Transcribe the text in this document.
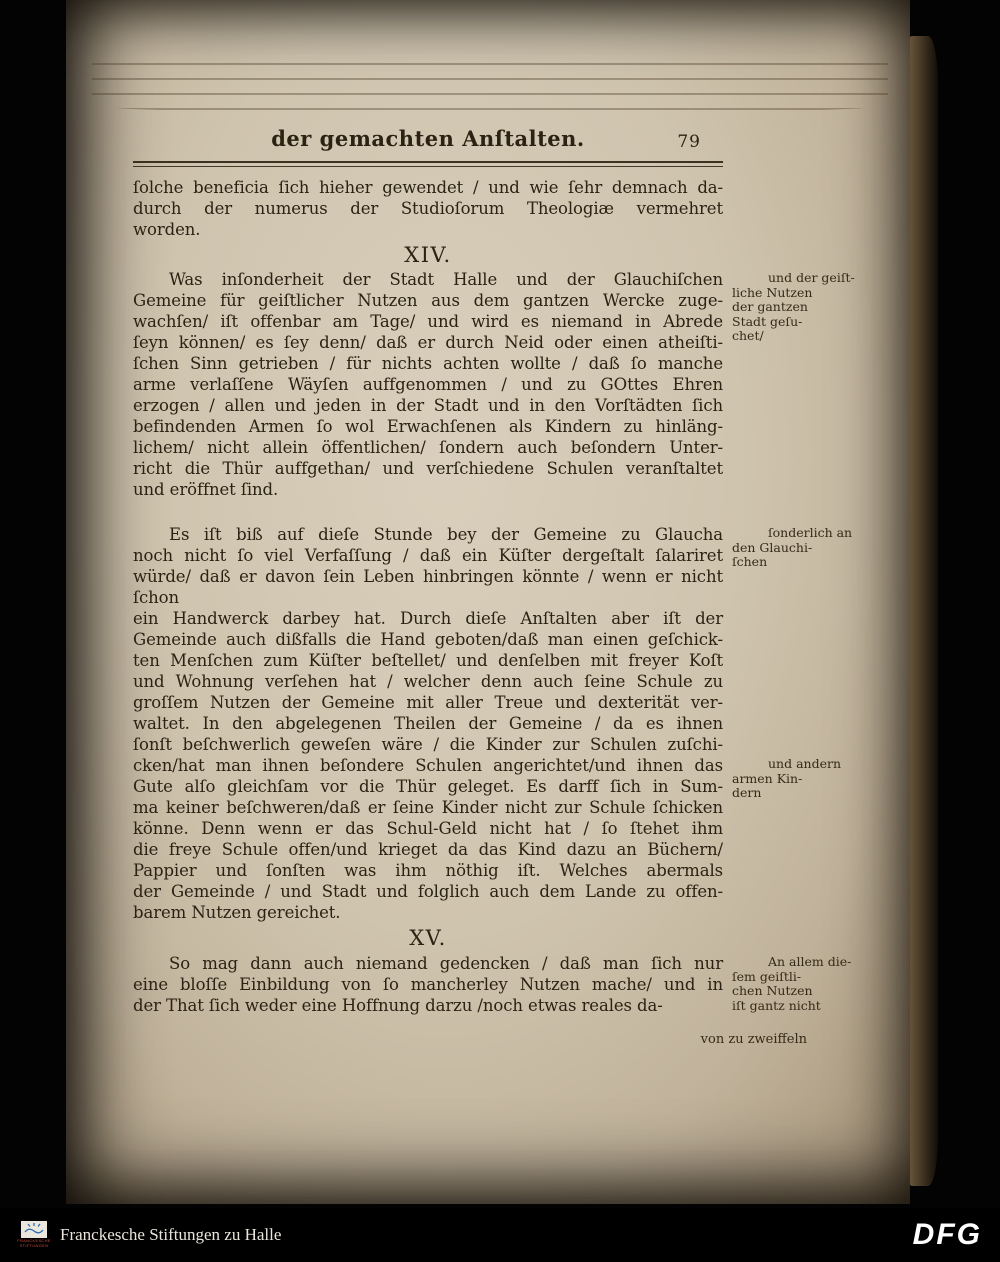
der gemachten Anſtalten.	79
ſolche beneficia ſich hieher gewendet / und wie ſehr demnach da-
durch der numerus der Studioſorum Theologiæ vermehret
worden.
XIV.
Was inſonderheit der Stadt Halle und der Glauchiſchen
Gemeine für geiſtlicher Nutzen aus dem gantzen Wercke zuge-
wachſen/ iſt offenbar am Tage/ und wird es niemand in Abrede
ſeyn können/ es ſey denn/ daß er durch Neid oder einen atheiſti-
ſchen Sinn getrieben / für nichts achten wollte / daß ſo manche
arme verlaſſene Wäyſen auffgenommen / und zu GOttes Ehren
erzogen / allen und jeden in der Stadt und in den Vorſtädten ſich
befindenden Armen ſo wol Erwachſenen als Kindern zu hinläng-
lichem/ nicht allein öffentlichen/ ſondern auch beſondern Unter-
richt die Thür auffgethan/ und verſchiedene Schulen veranſtaltet
und eröffnet ſind.
und der geiſt-
liche Nutzen
der gantzen
Stadt geſu-
chet/
Es iſt biß auf dieſe Stunde bey der Gemeine zu Glaucha
noch nicht ſo viel Verfaſſung / daß ein Küſter dergeſtalt ſalariret
würde/ daß er davon ſein Leben hinbringen könnte / wenn er nicht ſchon
ein Handwerck darbey hat. Durch dieſe Anſtalten aber iſt der
Gemeinde auch dißfalls die Hand geboten/daß man einen geſchick-
ten Menſchen zum Küſter beſtellet/ und denſelben mit freyer Koſt
und Wohnung verſehen hat / welcher denn auch ſeine Schule zu
groſſem Nutzen der Gemeine mit aller Treue und dexterität ver-
waltet. In den abgelegenen Theilen der Gemeine / da es ihnen
ſonſt beſchwerlich geweſen wäre / die Kinder zur Schulen zuſchi-
cken/hat man ihnen beſondere Schulen angerichtet/und ihnen das
Gute alſo gleichſam vor die Thür geleget. Es darff ſich in Sum-
ma keiner beſchweren/daß er ſeine Kinder nicht zur Schule ſchicken
könne. Denn wenn er das Schul-Geld nicht hat / ſo ſtehet ihm
die freye Schule offen/und krieget da das Kind dazu an Büchern/
Pappier und ſonſten was ihm nöthig iſt. Welches abermals
der Gemeinde / und Stadt und folglich auch dem Lande zu offen-
barem Nutzen gereichet.
ſonderlich an
den Glauchi-
ſchen
und andern
armen Kin-
dern
XV.
So mag dann auch niemand gedencken / daß man ſich nur
eine bloſſe Einbildung von ſo mancherley Nutzen mache/ und in
der That ſich weder eine Hoffnung darzu /noch etwas reales da-
An allem die-
ſem geiſtli-
chen Nutzen
iſt gantz nicht
von zu zweiffeln
FRANCKESCHE
STIFTUNGEN
Franckesche Stiftungen zu Halle	DFG
